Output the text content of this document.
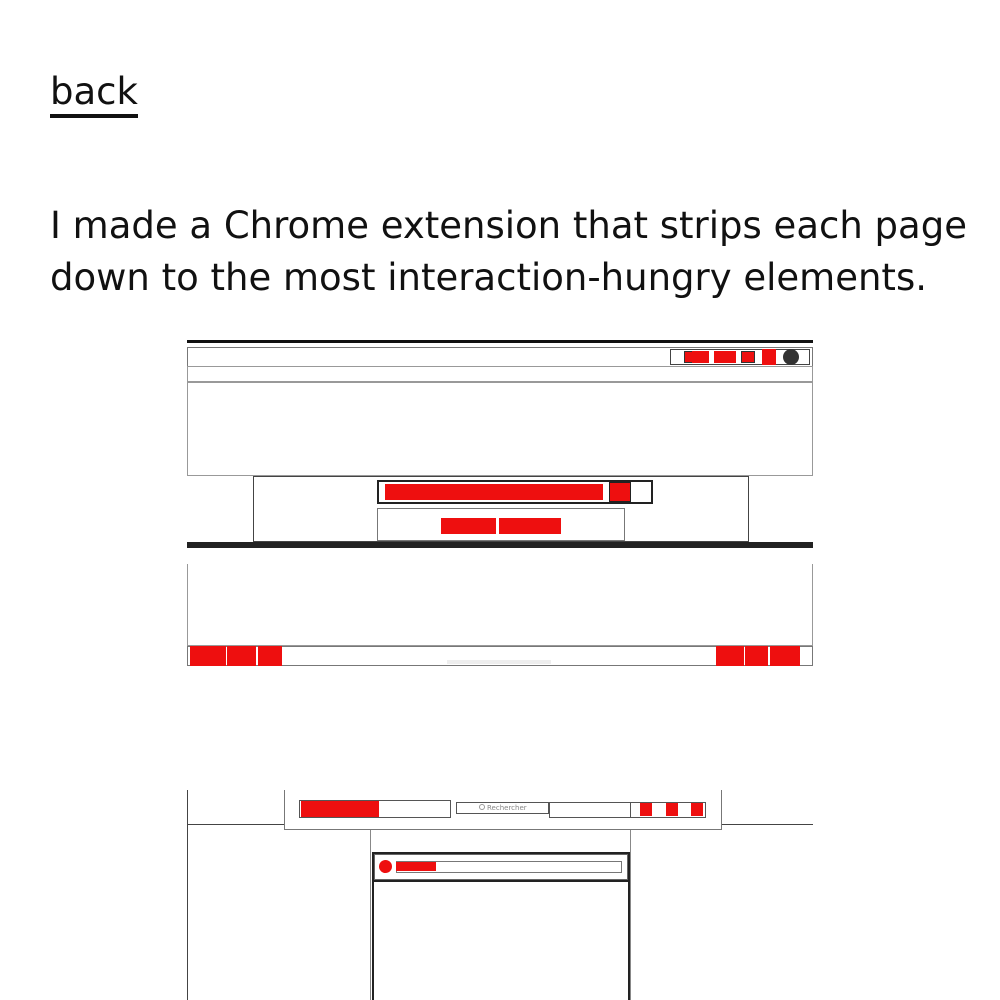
back

I made a Chrome extension that strips each page down to the most interaction-hungry elements.

Rechercher
